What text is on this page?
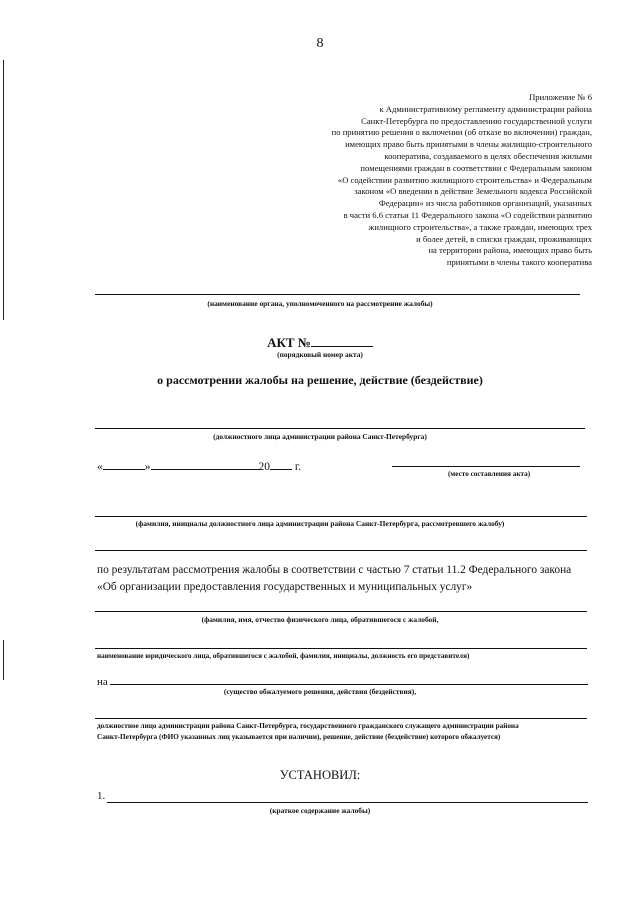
8
Приложение № 6
к Административному регламенту администрации района
Санкт-Петербурга по предоставлению государственной услуги
по принятию решения о включении (об отказе во включении) граждан,
имеющих право быть принятыми в члены жилищно-строительного
кооператива, создаваемого в целях обеспечения жилыми
помещениями граждан в соответствии с Федеральным законом
«О содействии развитию жилищного строительства» и Федеральным
законом «О введении в действие Земельного кодекса Российской
Федерации» из числа работников организаций, указанных
в части 6.6 статьи 11 Федерального закона «О содействии развитию
жилищного строительства», а также граждан, имеющих трех
и более детей, в списки граждан, проживающих
на территории района, имеющих право быть
принятыми в члены такого кооператива
(наименование органа, уполномоченного на рассмотрение жалобы)
АКТ №
(порядковый номер акта)
о рассмотрении жалобы на решение, действие (бездействие)
(должностного лица администрации района Санкт-Петербурга)
«	»	20 г.
(место составления акта)
(фамилия, инициалы должностного лица администрации района Санкт-Петербурга, рассмотревшего жалобу)
по результатам рассмотрения жалобы в соответствии с частью 7 статьи 11.2 Федерального закона
«Об организации предоставления государственных и муниципальных услуг»
(фамилия, имя, отчество физического лица, обратившегося с жалобой,
наименование юридического лица, обратившегося с жалобой, фамилия, инициалы, должность его представителя)
на
(существо обжалуемого решения, действия (бездействия),
должностное лицо администрации района Санкт-Петербурга, государственного гражданского служащего администрации района
Санкт-Петербурга (ФИО указанных лиц указывается при наличии), решение, действие (бездействие) которого обжалуется)
УСТАНОВИЛ:
1.
(краткое содержание жалобы)
